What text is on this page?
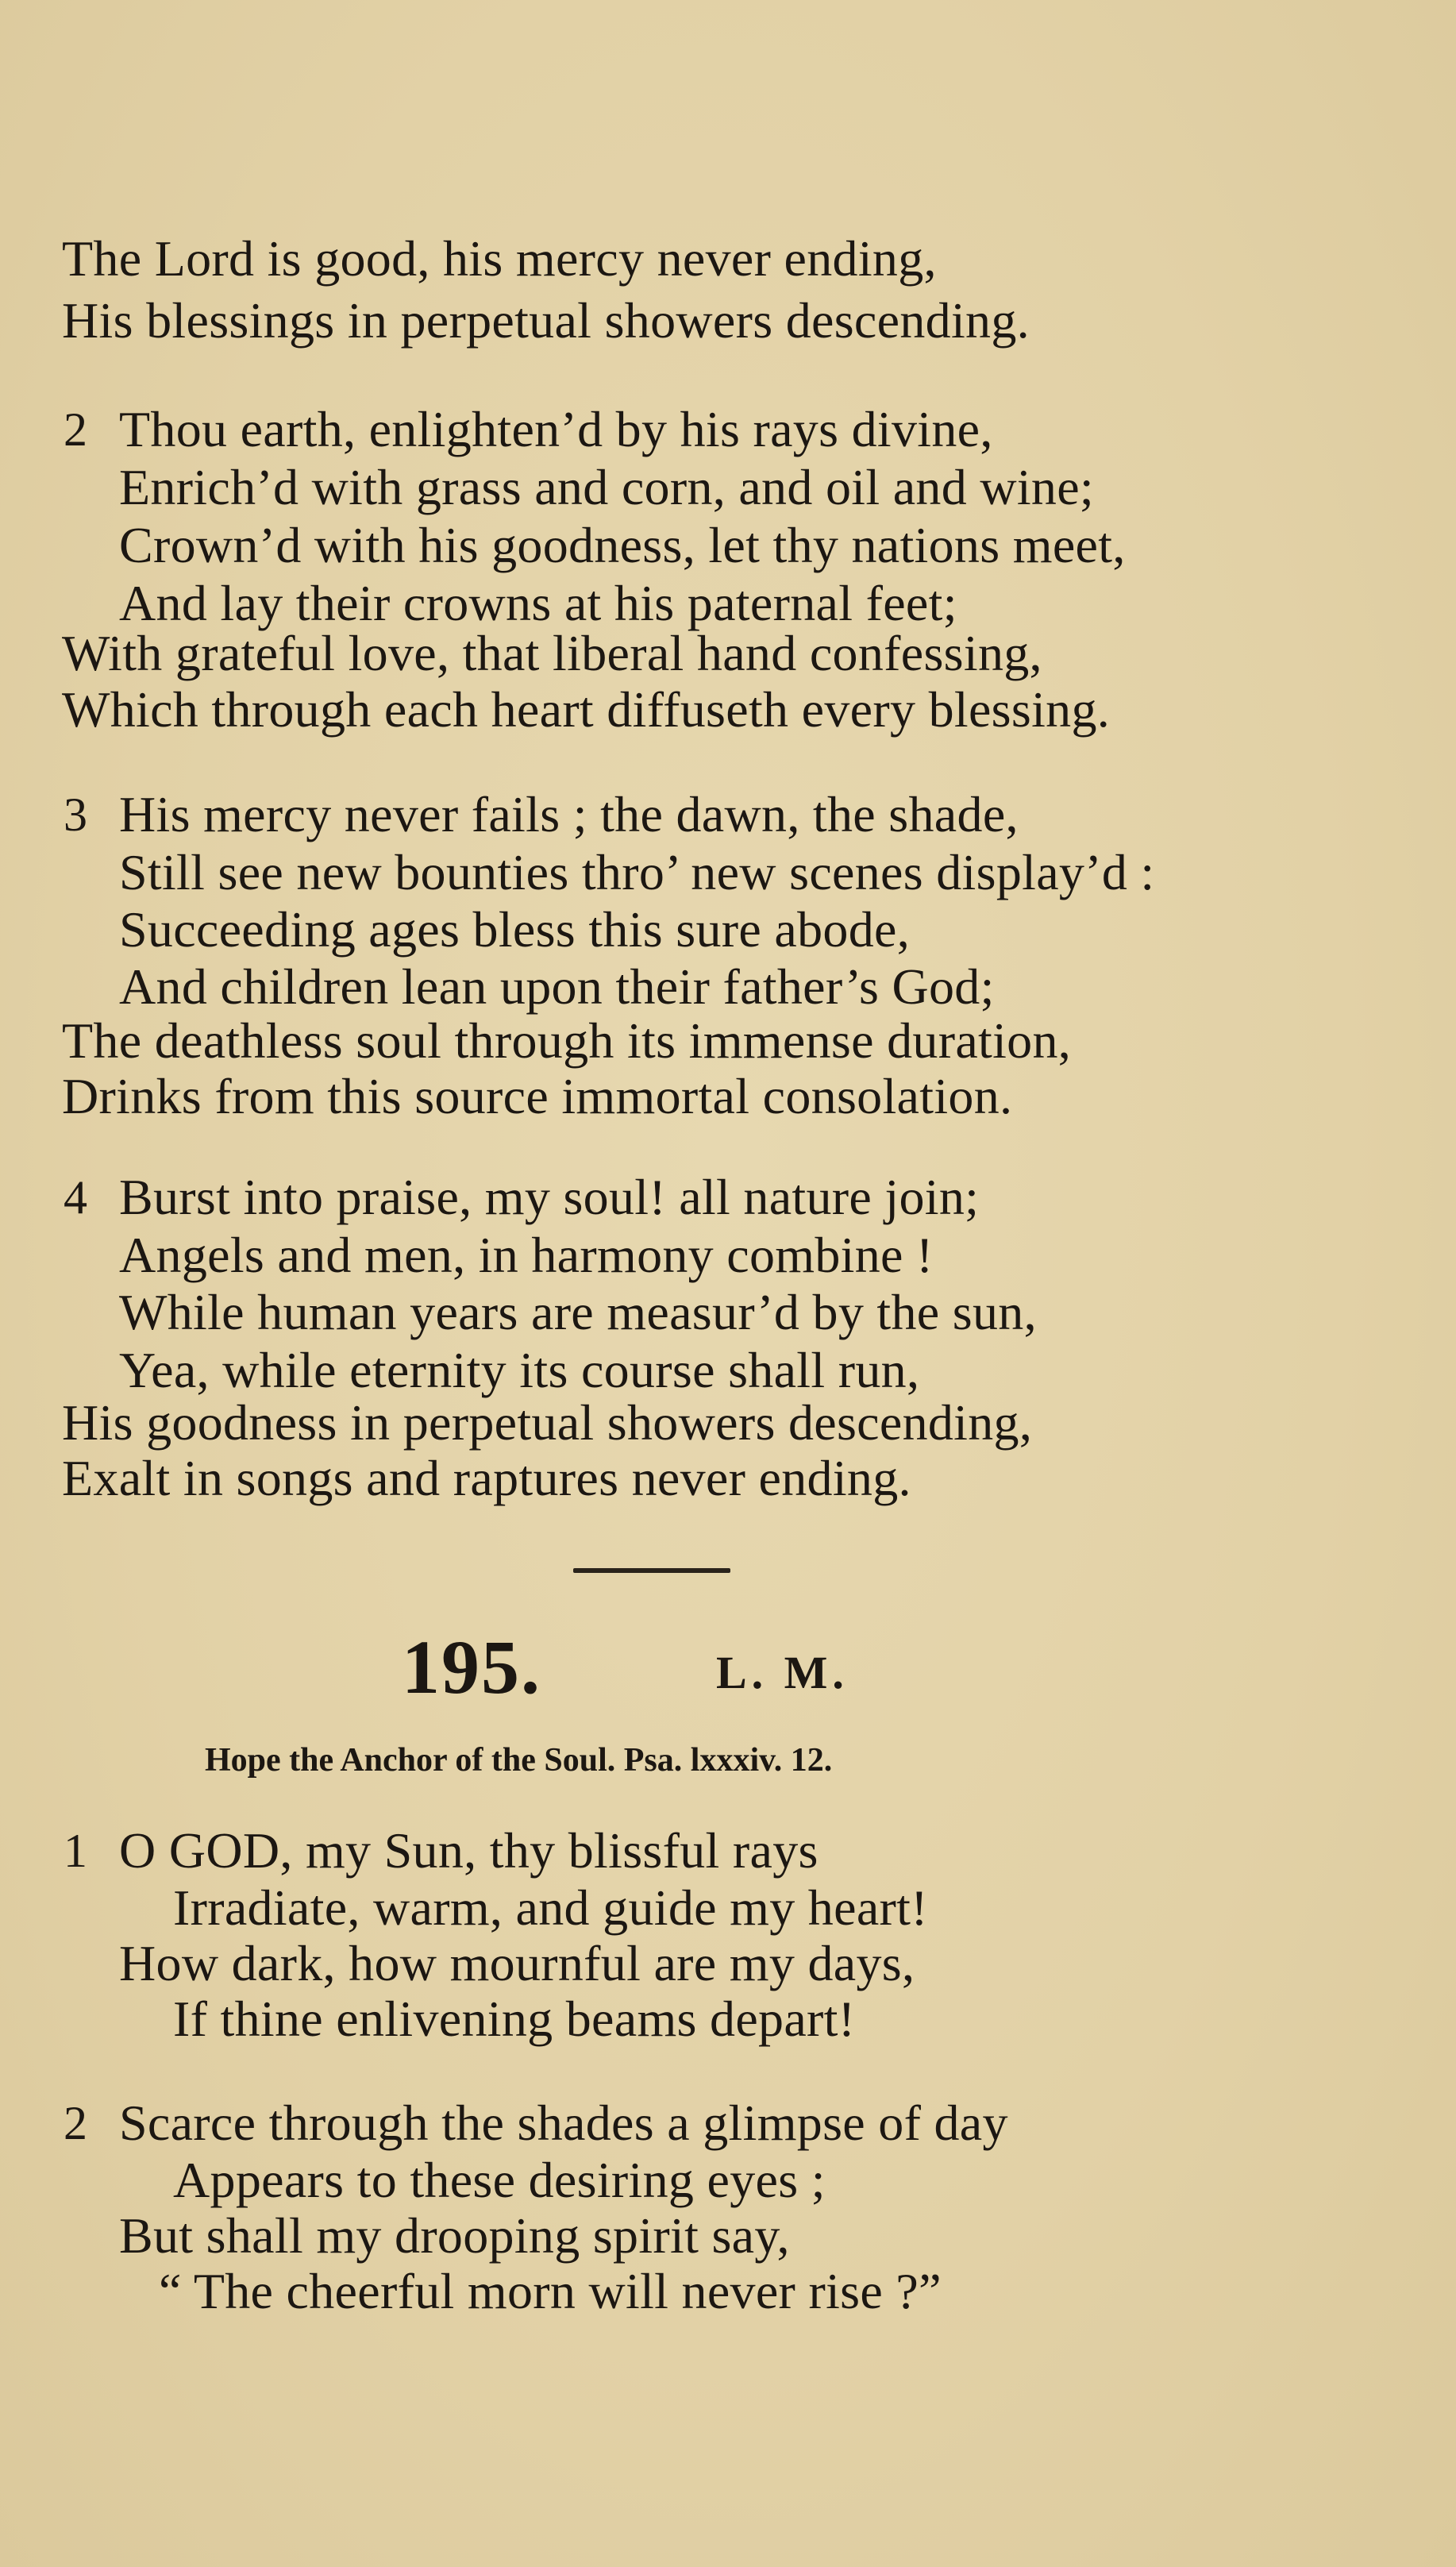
The Lord is good, his mercy never ending,
His blessings in perpetual showers descending.
2 Thou earth, enlighten’d by his rays divine,
Enrich’d with grass and corn, and oil and wine;
Crown’d with his goodness, let thy nations meet,
And lay their crowns at his paternal feet;
With grateful love, that liberal hand confessing,
Which through each heart diffuseth every blessing.
3 His mercy never fails ; the dawn, the shade,
Still see new bounties thro’ new scenes display’d :
Succeeding ages bless this sure abode,
And children lean upon their father’s God;
The deathless soul through its immense duration,
Drinks from this source immortal consolation.
4 Burst into praise, my soul! all nature join;
Angels and men, in harmony combine !
While human years are measur’d by the sun,
Yea, while eternity its course shall run,
His goodness in perpetual showers descending,
Exalt in songs and raptures never ending.
195.	L. M.
Hope the Anchor of the Soul. Psa. lxxxiv. 12.
1 O GOD, my Sun, thy blissful rays
Irradiate, warm, and guide my heart!
How dark, how mournful are my days,
If thine enlivening beams depart!
2 Scarce through the shades a glimpse of day
Appears to these desiring eyes ;
But shall my drooping spirit say,
“ The cheerful morn will never rise ?”
